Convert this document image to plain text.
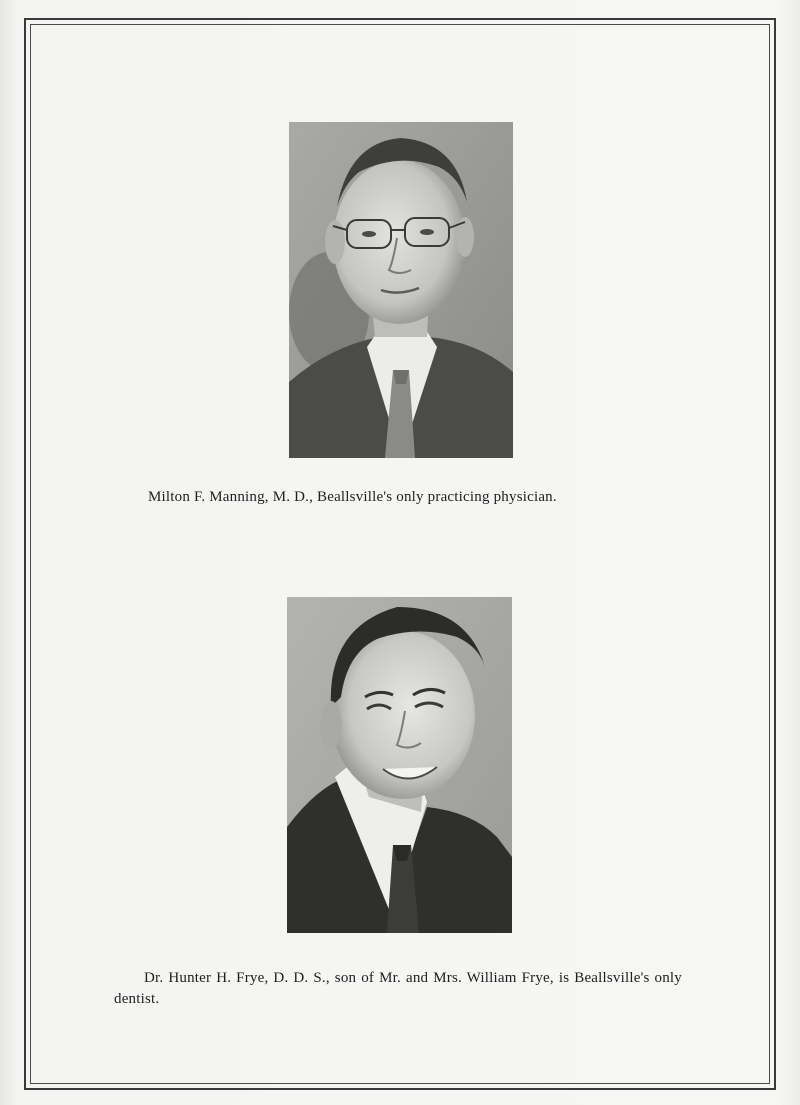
Milton F. Manning, M. D., Beallsville's only practicing physician.
Dr. Hunter H. Frye, D. D. S., son of Mr. and Mrs. William Frye, is Beallsville's only dentist.
